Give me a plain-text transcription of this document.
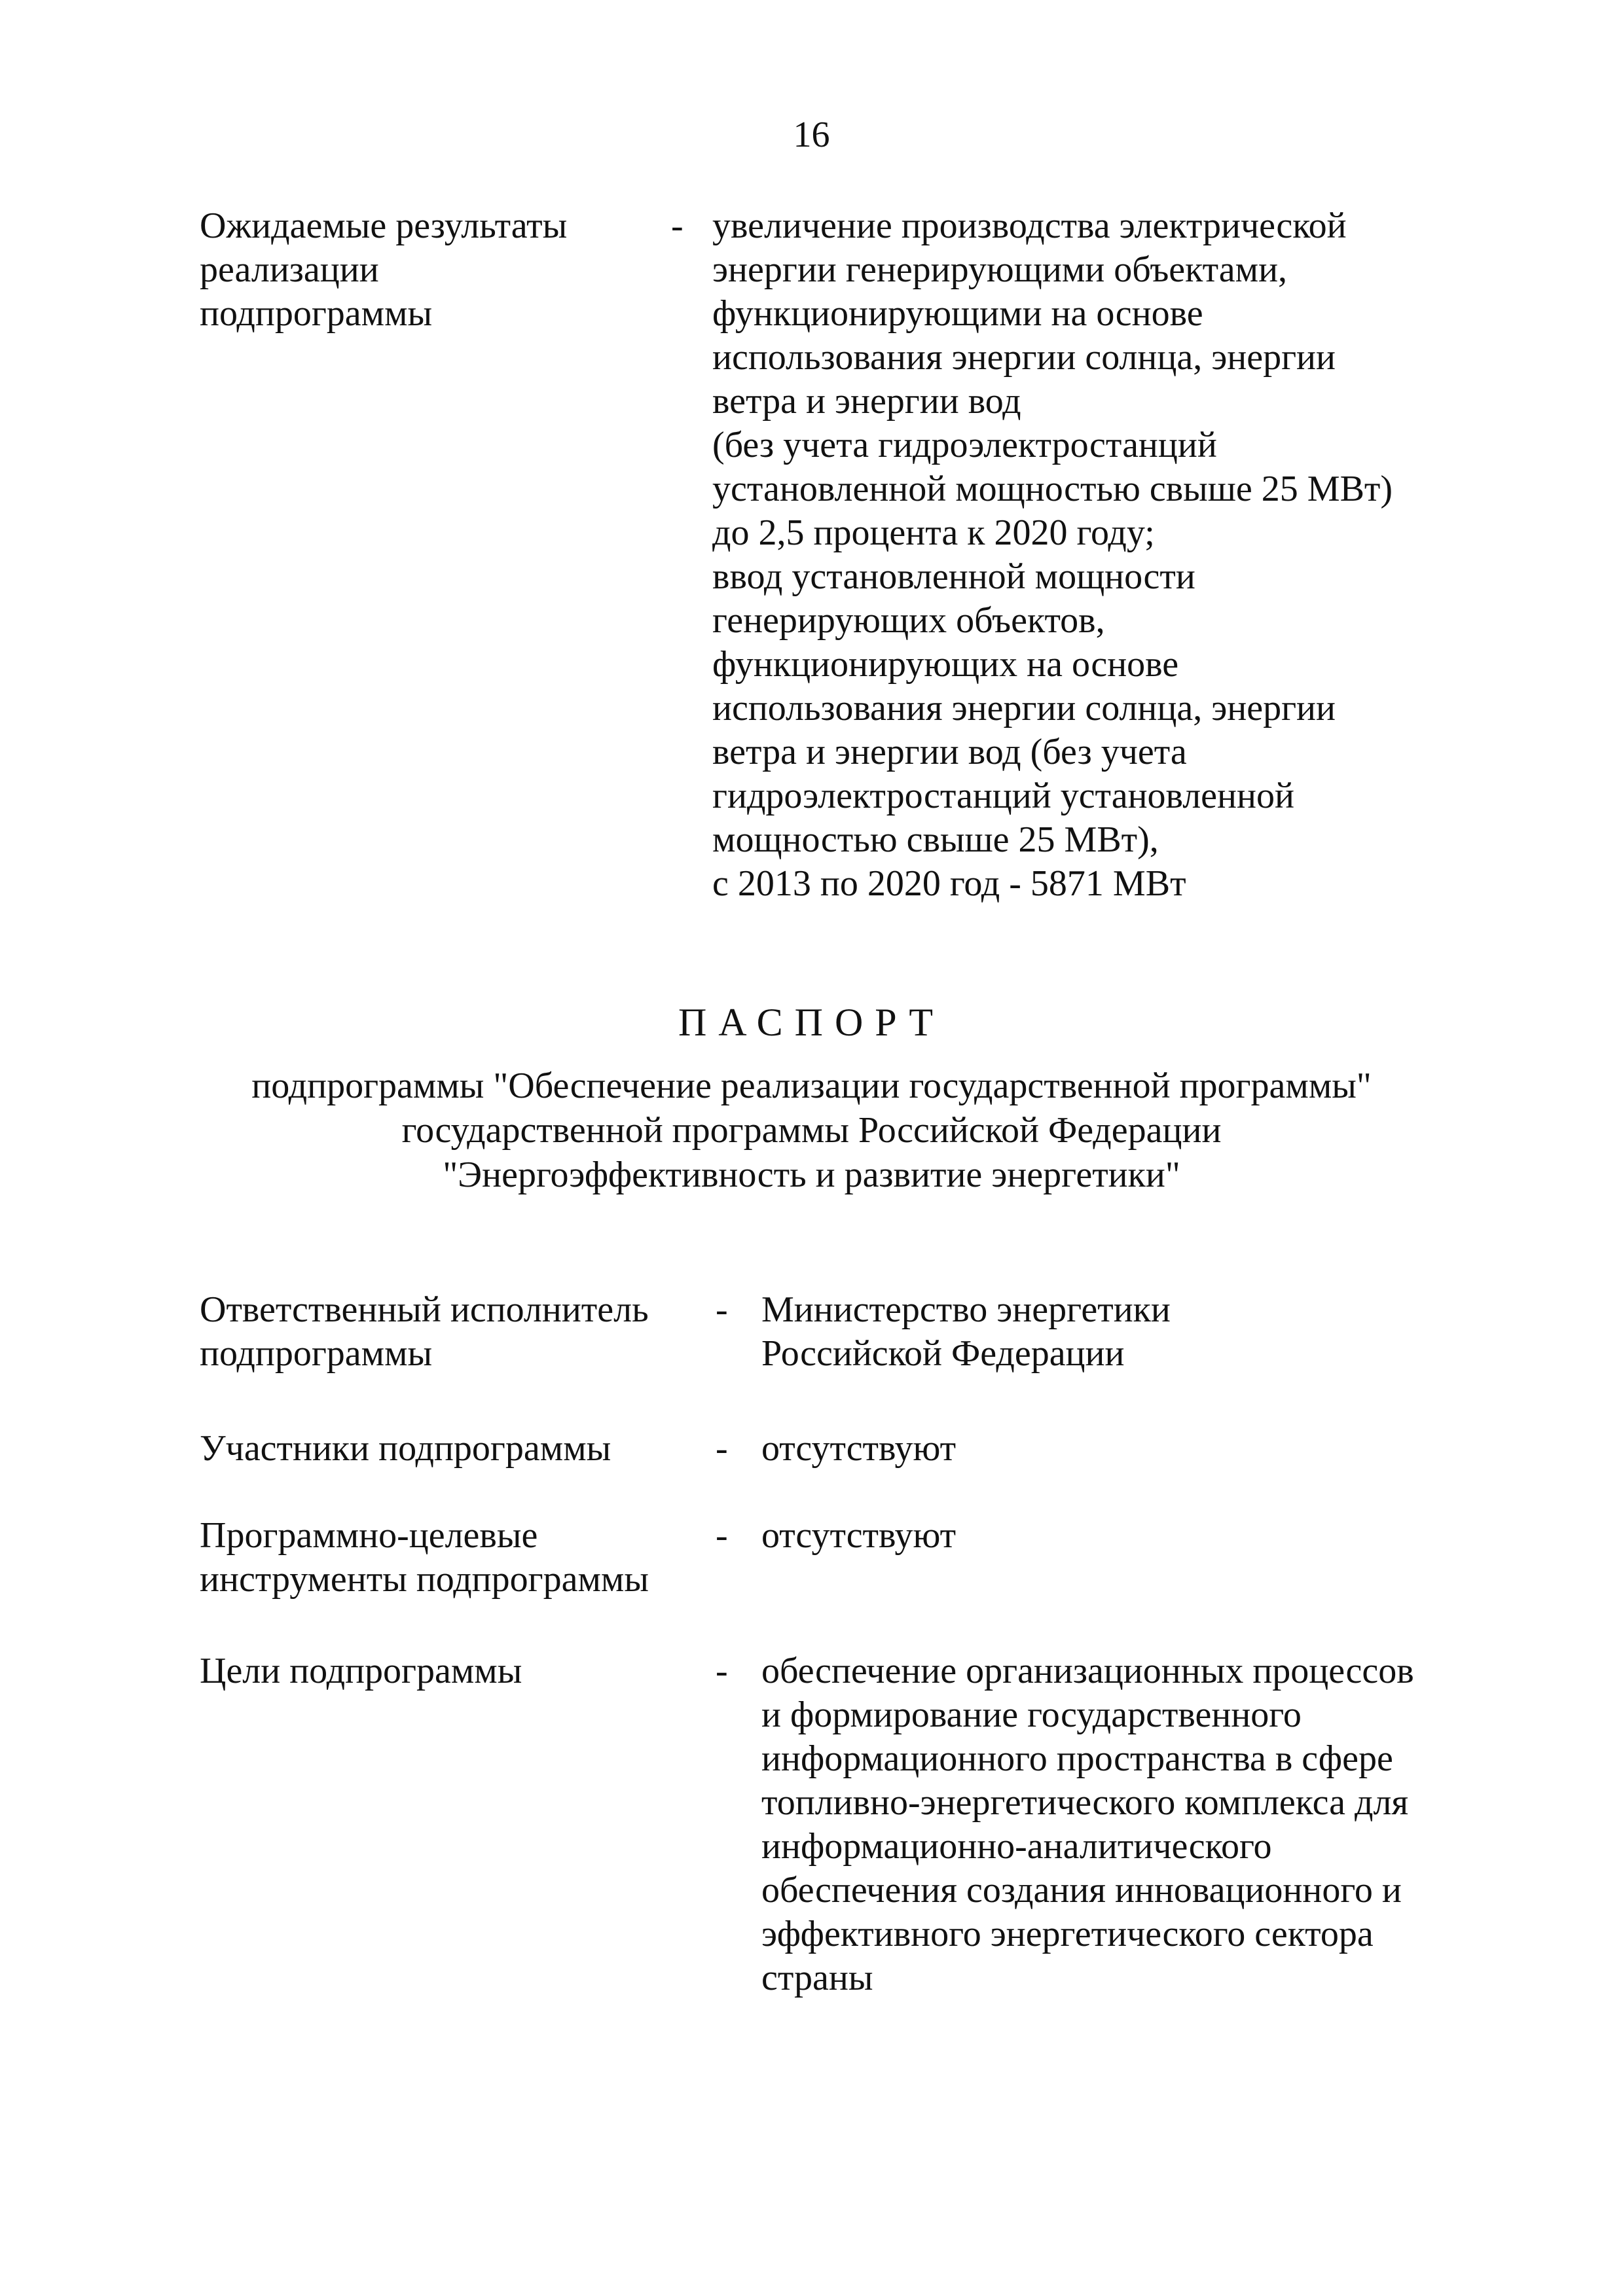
16
Ожидаемые результаты
реализации
подпрограммы
- увеличение производства электрической
энергии генерирующими объектами,
функционирующими на основе
использования энергии солнца, энергии
ветра и энергии вод
(без учета гидроэлектростанций
установленной мощностью свыше 25 МВт)
до 2,5 процента к 2020 году;
ввод установленной мощности
генерирующих объектов,
функционирующих на основе
использования энергии солнца, энергии
ветра и энергии вод (без учета
гидроэлектростанций установленной
мощностью свыше 25 МВт),
с 2013 по 2020 год - 5871 МВт
ПАСПОРТ
подпрограммы "Обеспечение реализации государственной программы"
государственной программы Российской Федерации
"Энергоэффективность и развитие энергетики"
Ответственный исполнитель
подпрограммы
- Министерство энергетики
Российской Федерации
Участники подпрограммы	- отсутствуют
Программно-целевые
инструменты подпрограммы
- отсутствуют
Цели подпрограммы	- обеспечение организационных процессов
и формирование государственного
информационного пространства в сфере
топливно-энергетического комплекса для
информационно-аналитического
обеспечения создания инновационного и
эффективного энергетического сектора
страны
